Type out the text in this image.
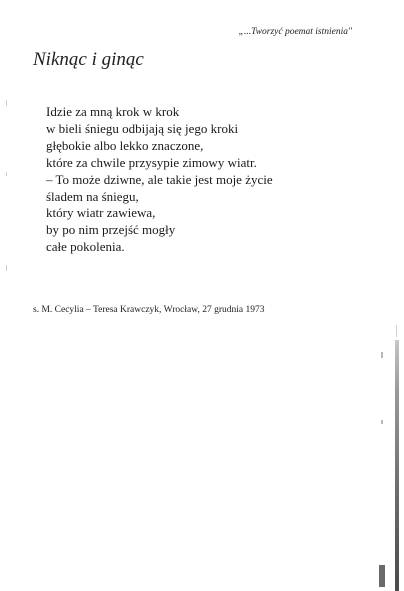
„...Tworzyć poemat istnienia"
Niknąc i ginąc
Idzie za mną krok w krok
w bieli śniegu odbijają się jego kroki
głębokie albo lekko znaczone,
które za chwile przysypie zimowy wiatr.
– To może dziwne, ale takie jest moje życie
śladem na śniegu,
który wiatr zawiewa,
by po nim przejść mogły
całe pokolenia.
s. M. Cecylia – Teresa Krawczyk, Wrocław, 27 grudnia 1973
